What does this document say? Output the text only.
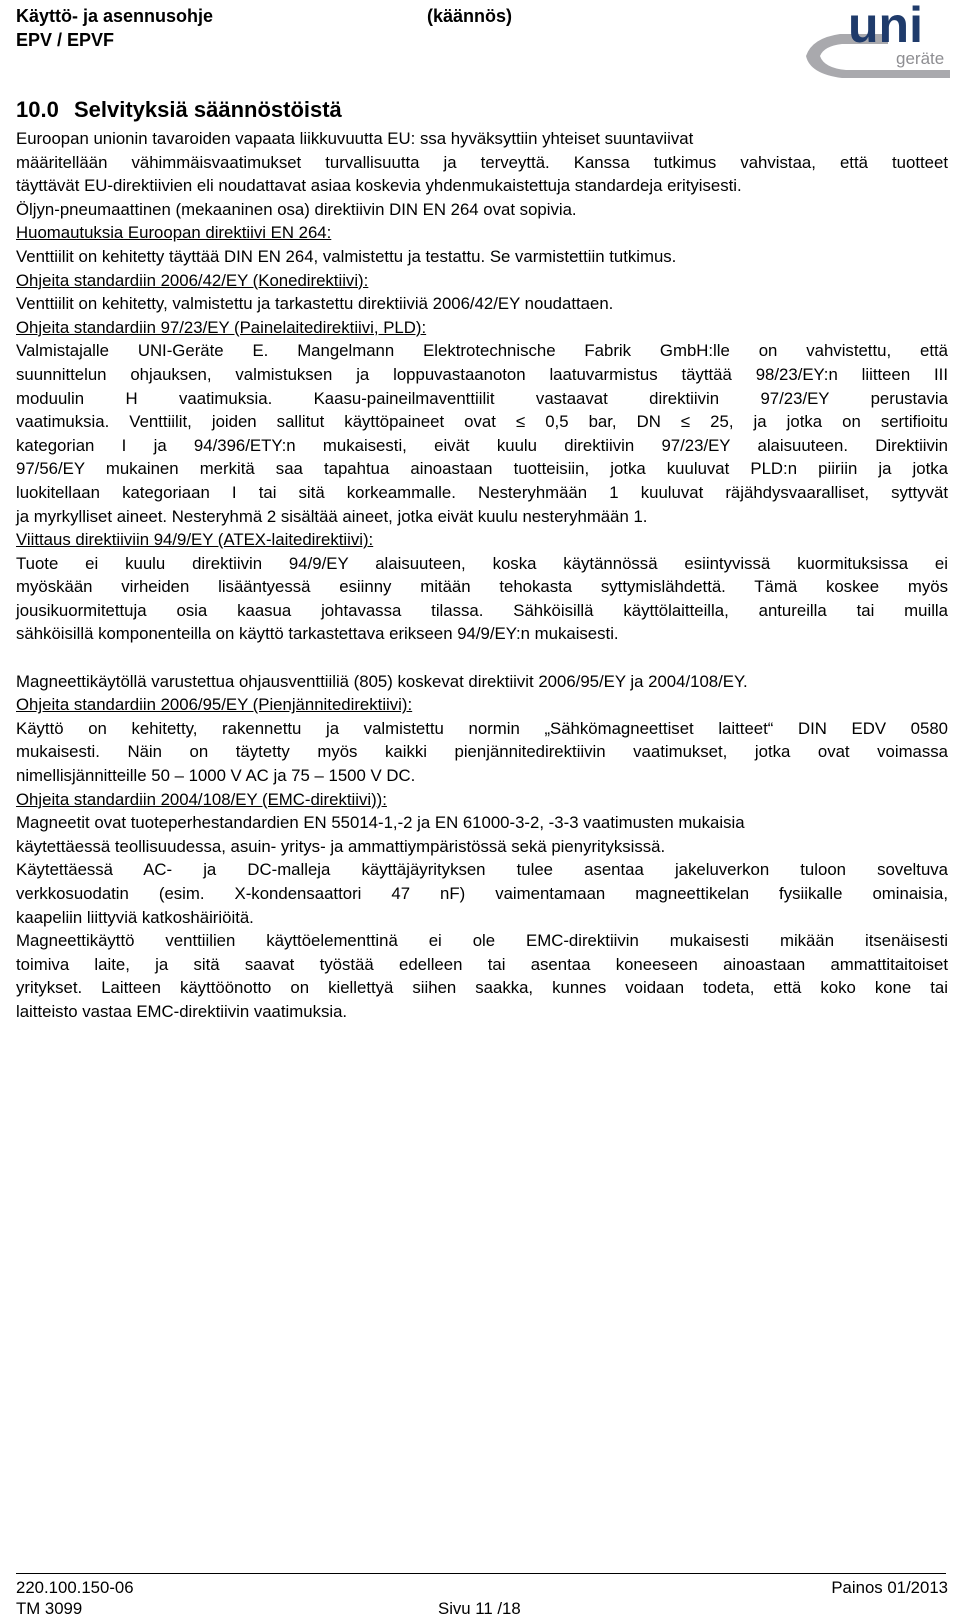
Käyttö- ja asennusohje
EPV / EPVF
(käännös)	uni
geräte
10.0 Selvityksiä säännöstöistä
Euroopan unionin tavaroiden vapaata liikkuvuutta EU: ssa hyväksyttiin yhteiset suuntaviivat
määritellään vähimmäisvaatimukset turvallisuutta ja terveyttä. Kanssa tutkimus vahvistaa, että tuotteet
täyttävät EU-direktiivien eli noudattavat asiaa koskevia yhdenmukaistettuja standardeja erityisesti.
Öljyn-pneumaattinen (mekaaninen osa) direktiivin DIN EN 264 ovat sopivia.
Huomautuksia Euroopan direktiivi EN 264:
Venttiilit on kehitetty täyttää DIN EN 264, valmistettu ja testattu. Se varmistettiin tutkimus.
Ohjeita standardiin 2006/42/EY (Konedirektiivi):
Venttiilit on kehitetty, valmistettu ja tarkastettu direktiiviä 2006/42/EY noudattaen.
Ohjeita standardiin 97/23/EY (Painelaitedirektiivi, PLD):
Valmistajalle UNI-Geräte E. Mangelmann Elektrotechnische Fabrik GmbH:lle on vahvistettu, että
suunnittelun ohjauksen, valmistuksen ja loppuvastaanoton laatuvarmistus täyttää 98/23/EY:n liitteen III
moduulin H vaatimuksia. Kaasu-paineilmaventtiilit vastaavat direktiivin 97/23/EY perustavia
vaatimuksia. Venttiilit, joiden sallitut käyttöpaineet ovat ≤ 0,5 bar, DN ≤ 25, ja jotka on sertifioitu
kategorian I ja 94/396/ETY:n mukaisesti, eivät kuulu direktiivin 97/23/EY alaisuuteen. Direktiivin
97/56/EY mukainen merkitä saa tapahtua ainoastaan tuotteisiin, jotka kuuluvat PLD:n piiriin ja jotka
luokitellaan kategoriaan I tai sitä korkeammalle. Nesteryhmään 1 kuuluvat räjähdysvaaralliset, syttyvät
ja myrkylliset aineet. Nesteryhmä 2 sisältää aineet, jotka eivät kuulu nesteryhmään 1.
Viittaus direktiiviin 94/9/EY (ATEX-laitedirektiivi):
Tuote ei kuulu direktiivin 94/9/EY alaisuuteen, koska käytännössä esiintyvissä kuormituksissa ei
myöskään virheiden lisääntyessä esiinny mitään tehokasta syttymislähdettä. Tämä koskee myös
jousikuormitettuja osia kaasua johtavassa tilassa. Sähköisillä käyttölaitteilla, antureilla tai muilla
sähköisillä komponenteilla on käyttö tarkastettava erikseen 94/9/EY:n mukaisesti.
Magneettikäytöllä varustettua ohjausventtiiliä (805) koskevat direktiivit 2006/95/EY ja 2004/108/EY.
Ohjeita standardiin 2006/95/EY (Pienjännitedirektiivi):
Käyttö on kehitetty, rakennettu ja valmistettu normin „Sähkömagneettiset laitteet“ DIN EDV 0580
mukaisesti. Näin on täytetty myös kaikki pienjännitedirektiivin vaatimukset, jotka ovat voimassa
nimellisjännitteille 50 – 1000 V AC ja 75 – 1500 V DC.
Ohjeita standardiin 2004/108/EY (EMC-direktiivi)):
Magneetit ovat tuoteperhestandardien EN 55014-1,-2 ja EN 61000-3-2, -3-3 vaatimusten mukaisia
käytettäessä teollisuudessa, asuin- yritys- ja ammattiympäristössä sekä pienyrityksissä.
Käytettäessä AC- ja DC-malleja käyttäjäyrityksen tulee asentaa jakeluverkon tuloon soveltuva
verkkosuodatin (esim. X-kondensaattori 47 nF) vaimentamaan magneettikelan fysiikalle ominaisia,
kaapeliin liittyviä katkoshäiriöitä.
Magneettikäyttö venttiilien käyttöelementtinä ei ole EMC-direktiivin mukaisesti mikään itsenäisesti
toimiva laite, ja sitä saavat työstää edelleen tai asentaa koneeseen ainoastaan ammattitaitoiset
yritykset. Laitteen käyttöönotto on kiellettyä siihen saakka, kunnes voidaan todeta, että koko kone tai
laitteisto vastaa EMC-direktiivin vaatimuksia.
220.100.150-06
TM 3099	Sivu 11 /18
Painos 01/2013
